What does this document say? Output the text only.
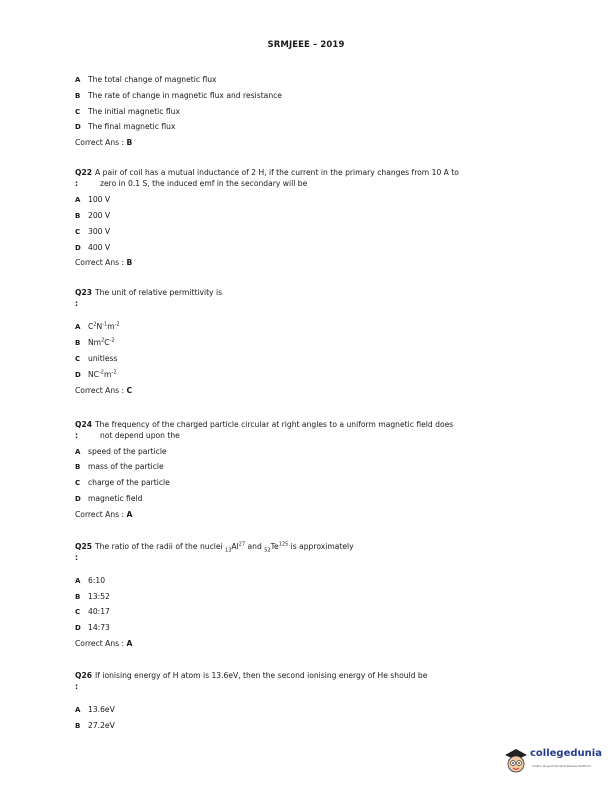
SRMJEEE – 2019
A The total change of magnetic flux
B The rate of change in magnetic flux and resistance
C The initial magnetic flux
D The final magnetic flux
Correct Ans : B
Q22 A pair of coil has a mutual inductance of 2 H, if the current in the primary changes from 10 A to
:	zero in 0.1 S, the induced emf in the secondary will be
A 100 V
B 200 V
C 300 V
D 400 V
Correct Ans : B
Q23 The unit of relative permittivity is
:
A $C^2N^{-1}m^{-2}$
B $Nm^2C^{-2}$
C unitless
D $NC^{-2}m^{-2}$
Correct Ans : C
Q24 The frequency of the charged particle circular at right angles to a uniform magnetic field does
:	not depend upon the
A speed of the particle
B mass of the particle
C charge of the particle
D magnetic field
Correct Ans : A
Q25 The ratio of the radii of the nuclei $_{13}Al^{27}$ and $_{52}Te^{125}$ is approximately
:
A 6:10
B 13:52
C 40:17
D 14:73
Correct Ans : A
Q26 If ionising energy of H atom is 13.6eV, then the second ionising energy of He should be
:
A 13.6eV
B 27.2eV
collegedunia
India's largest Student Review Platform
